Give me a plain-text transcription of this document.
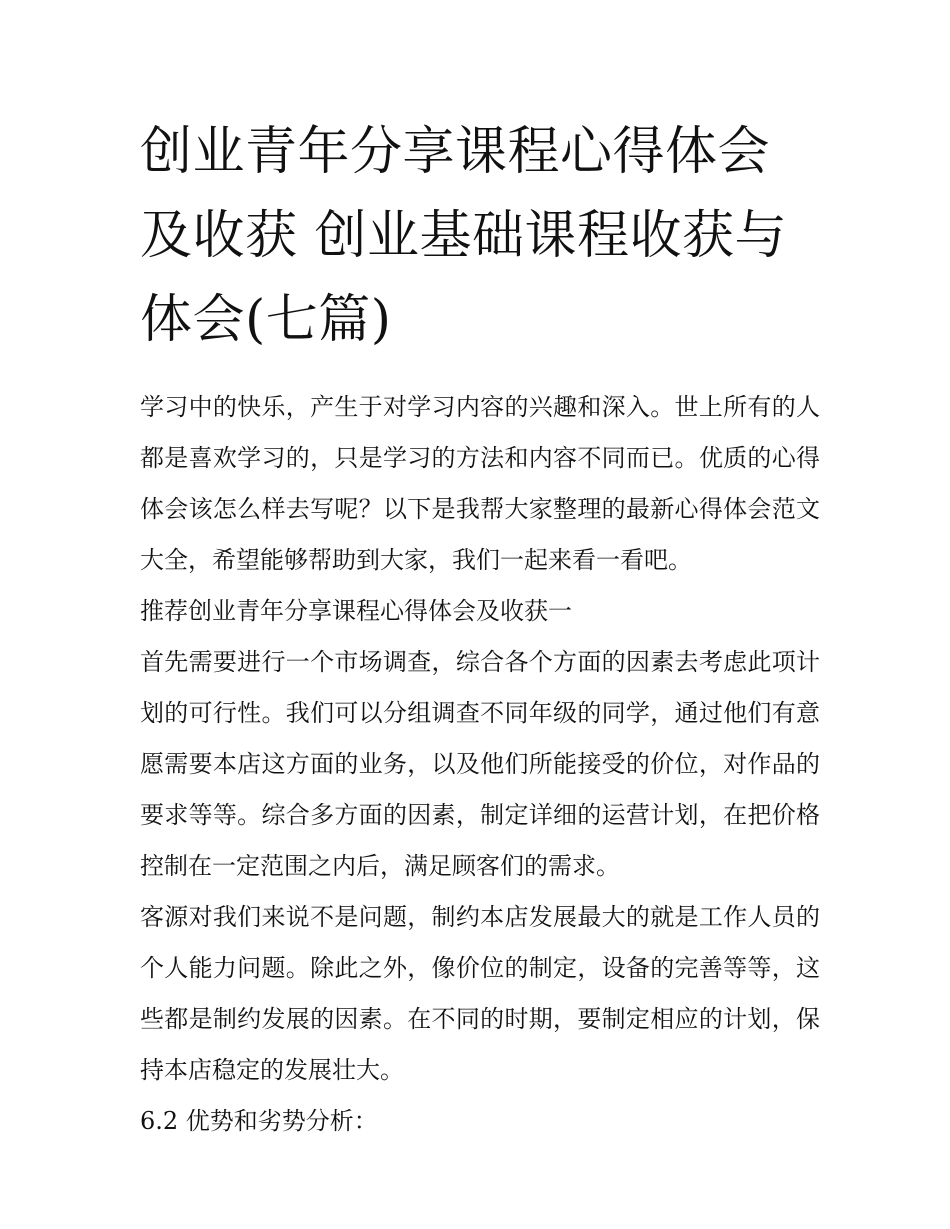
创业青年分享课程心得体会及收获 创业基础课程收获与体会(七篇)

学习中的快乐，产生于对学习内容的兴趣和深入。世上所有的人都是喜欢学习的，只是学习的方法和内容不同而已。优质的心得体会该怎么样去写呢？以下是我帮大家整理的最新心得体会范文大全，希望能够帮助到大家，我们一起来看一看吧。

推荐创业青年分享课程心得体会及收获一

首先需要进行一个市场调查，综合各个方面的因素去考虑此项计划的可行性。我们可以分组调查不同年级的同学，通过他们有意愿需要本店这方面的业务，以及他们所能接受的价位，对作品的要求等等。综合多方面的因素，制定详细的运营计划，在把价格控制在一定范围之内后，满足顾客们的需求。

客源对我们来说不是问题，制约本店发展最大的就是工作人员的个人能力问题。除此之外，像价位的制定，设备的完善等等，这些都是制约发展的因素。在不同的时期，要制定相应的计划，保持本店稳定的发展壮大。

6.2 优势和劣势分析：
